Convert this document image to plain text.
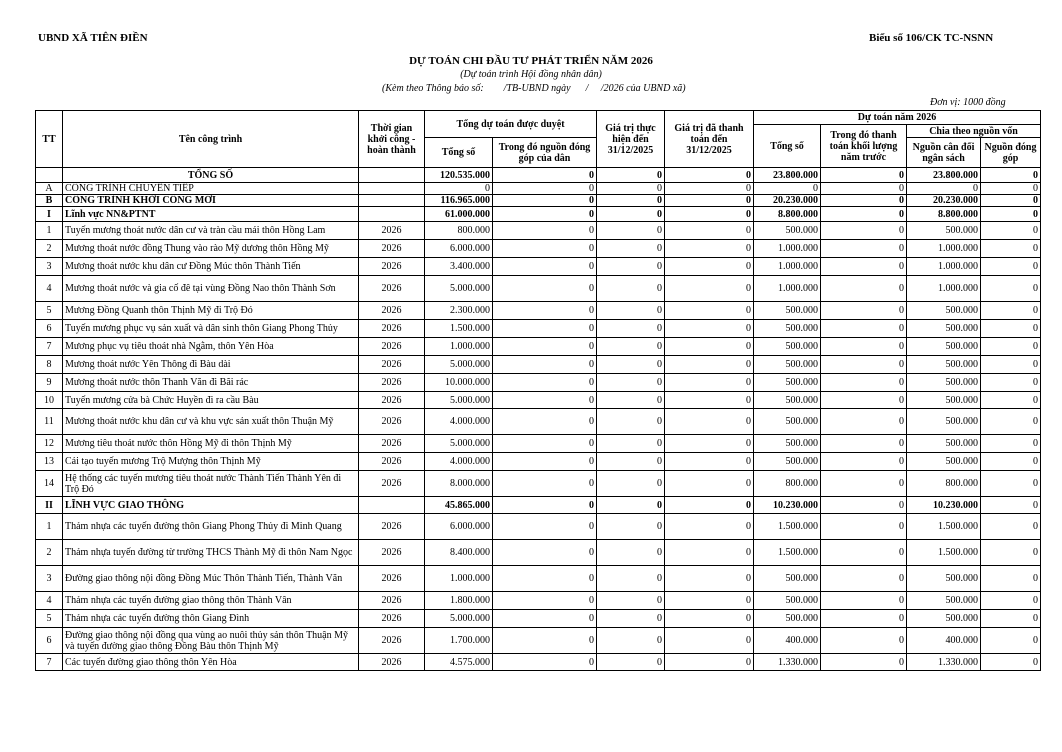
UBND XÃ TIÊN ĐIỀN	Biểu số 106/CK TC-NSNN
DỰ TOÁN CHI ĐẦU TƯ PHÁT TRIỂN NĂM 2026
(Dự toán trình Hội đồng nhân dân)
(Kèm theo Thông báo số:        /TB-UBND ngày      /     /2026 của UBND xã)
Đơn vị: 1000 đồng
TT	Tên công trình	Thời gian khởi công - hoàn thành	Tổng dự toán được duyệt		Giá trị thực hiện đến 31/12/2025	Giá trị đã thanh toán đến 31/12/2025	Dự toán năm 2026			
							Tổng số	Trong đó thanh toán khối lượng năm trước	Chia theo nguồn vốn	
			Tổng số	Trong đó nguồn đóng góp của dân					Nguồn cân đối ngân sách	Nguồn đóng góp
	TỔNG SỐ		120.535.000	0	0	0	23.800.000	0	23.800.000	0
A	CÔNG TRÌNH CHUYỂN TIẾP		0	0	0	0	0	0	0	0
B	CÔNG TRÌNH KHỞI CÔNG MỚI		116.965.000	0	0	0	20.230.000	0	20.230.000	0
I	Lĩnh vực NN&PTNT		61.000.000	0	0	0	8.800.000	0	8.800.000	0
1	Tuyến mương thoát nước dân cư và tràn cầu mái thôn Hồng Lam	2026	800.000	0	0	0	500.000	0	500.000	0
2	Mương thoát nước đồng Thung vào rào Mỹ dương thôn Hồng Mỹ	2026	6.000.000	0	0	0	1.000.000	0	1.000.000	0
3	Mương thoát nước khu dân cư Đồng Múc thôn Thành Tiến	2026	3.400.000	0	0	0	1.000.000	0	1.000.000	0
4	Mương thoát nước và gia cố đê tại vùng Đồng Nao thôn Thành Sơn	2026	5.000.000	0	0	0	1.000.000	0	1.000.000	0
5	Mương Đồng Quanh thôn Thịnh Mỹ đi Trộ Đó	2026	2.300.000	0	0	0	500.000	0	500.000	0
6	Tuyến mương phục vụ sản xuất và dân sinh thôn Giang Phong Thủy	2026	1.500.000	0	0	0	500.000	0	500.000	0
7	Mương phục vụ tiêu thoát nhà Ngằm, thôn Yên Hòa	2026	1.000.000	0	0	0	500.000	0	500.000	0
8	Mương thoát nước Yên Thông đi Bàu dài	2026	5.000.000	0	0	0	500.000	0	500.000	0
9	Mương thoát nước thôn Thanh Văn đi Bãi rác	2026	10.000.000	0	0	0	500.000	0	500.000	0
10	Tuyến mương cửa bà Chức Huyền đi ra cầu Bàu	2026	5.000.000	0	0	0	500.000	0	500.000	0
11	Mương thoát nước khu dân cư và khu vực sản xuất thôn Thuận Mỹ	2026	4.000.000	0	0	0	500.000	0	500.000	0
12	Mương tiêu thoát nước thôn Hồng Mỹ đi thôn Thịnh Mỹ	2026	5.000.000	0	0	0	500.000	0	500.000	0
13	Cải tạo tuyến mương Trộ Mượng thôn Thịnh Mỹ	2026	4.000.000	0	0	0	500.000	0	500.000	0
14	Hệ thống các tuyến mương tiêu thoát nước Thành Tiến Thành Yên đi Trộ Đó	2026	8.000.000	0	0	0	800.000	0	800.000	0
II	LĨNH VỰC GIAO THÔNG		45.865.000	0	0	0	10.230.000	0	10.230.000	0
1	Thảm nhựa các tuyến đường thôn Giang Phong Thủy đi Minh Quang	2026	6.000.000	0	0	0	1.500.000	0	1.500.000	0
2	Thảm nhựa tuyến đường từ trường THCS Thành Mỹ đi thôn Nam Ngọc	2026	8.400.000	0	0	0	1.500.000	0	1.500.000	0
3	Đường giao thông nội đồng Đồng Múc Thôn Thành Tiến, Thành Văn	2026	1.000.000	0	0	0	500.000	0	500.000	0
4	Thảm nhựa các tuyến đường giao thông thôn Thành Vân	2026	1.800.000	0	0	0	500.000	0	500.000	0
5	Thảm nhựa các tuyến đường thôn Giang Đình	2026	5.000.000	0	0	0	500.000	0	500.000	0
6	Đường giao thông nội đồng qua vùng ao nuôi thủy sản thôn Thuận Mỹ và tuyến đường giao thông Đồng Bàu thôn Thịnh Mỹ	2026	1.700.000	0	0	0	400.000	0	400.000	0
7	Các tuyến đường giao thông thôn Yên Hòa	2026	4.575.000	0	0	0	1.330.000	0	1.330.000	0
